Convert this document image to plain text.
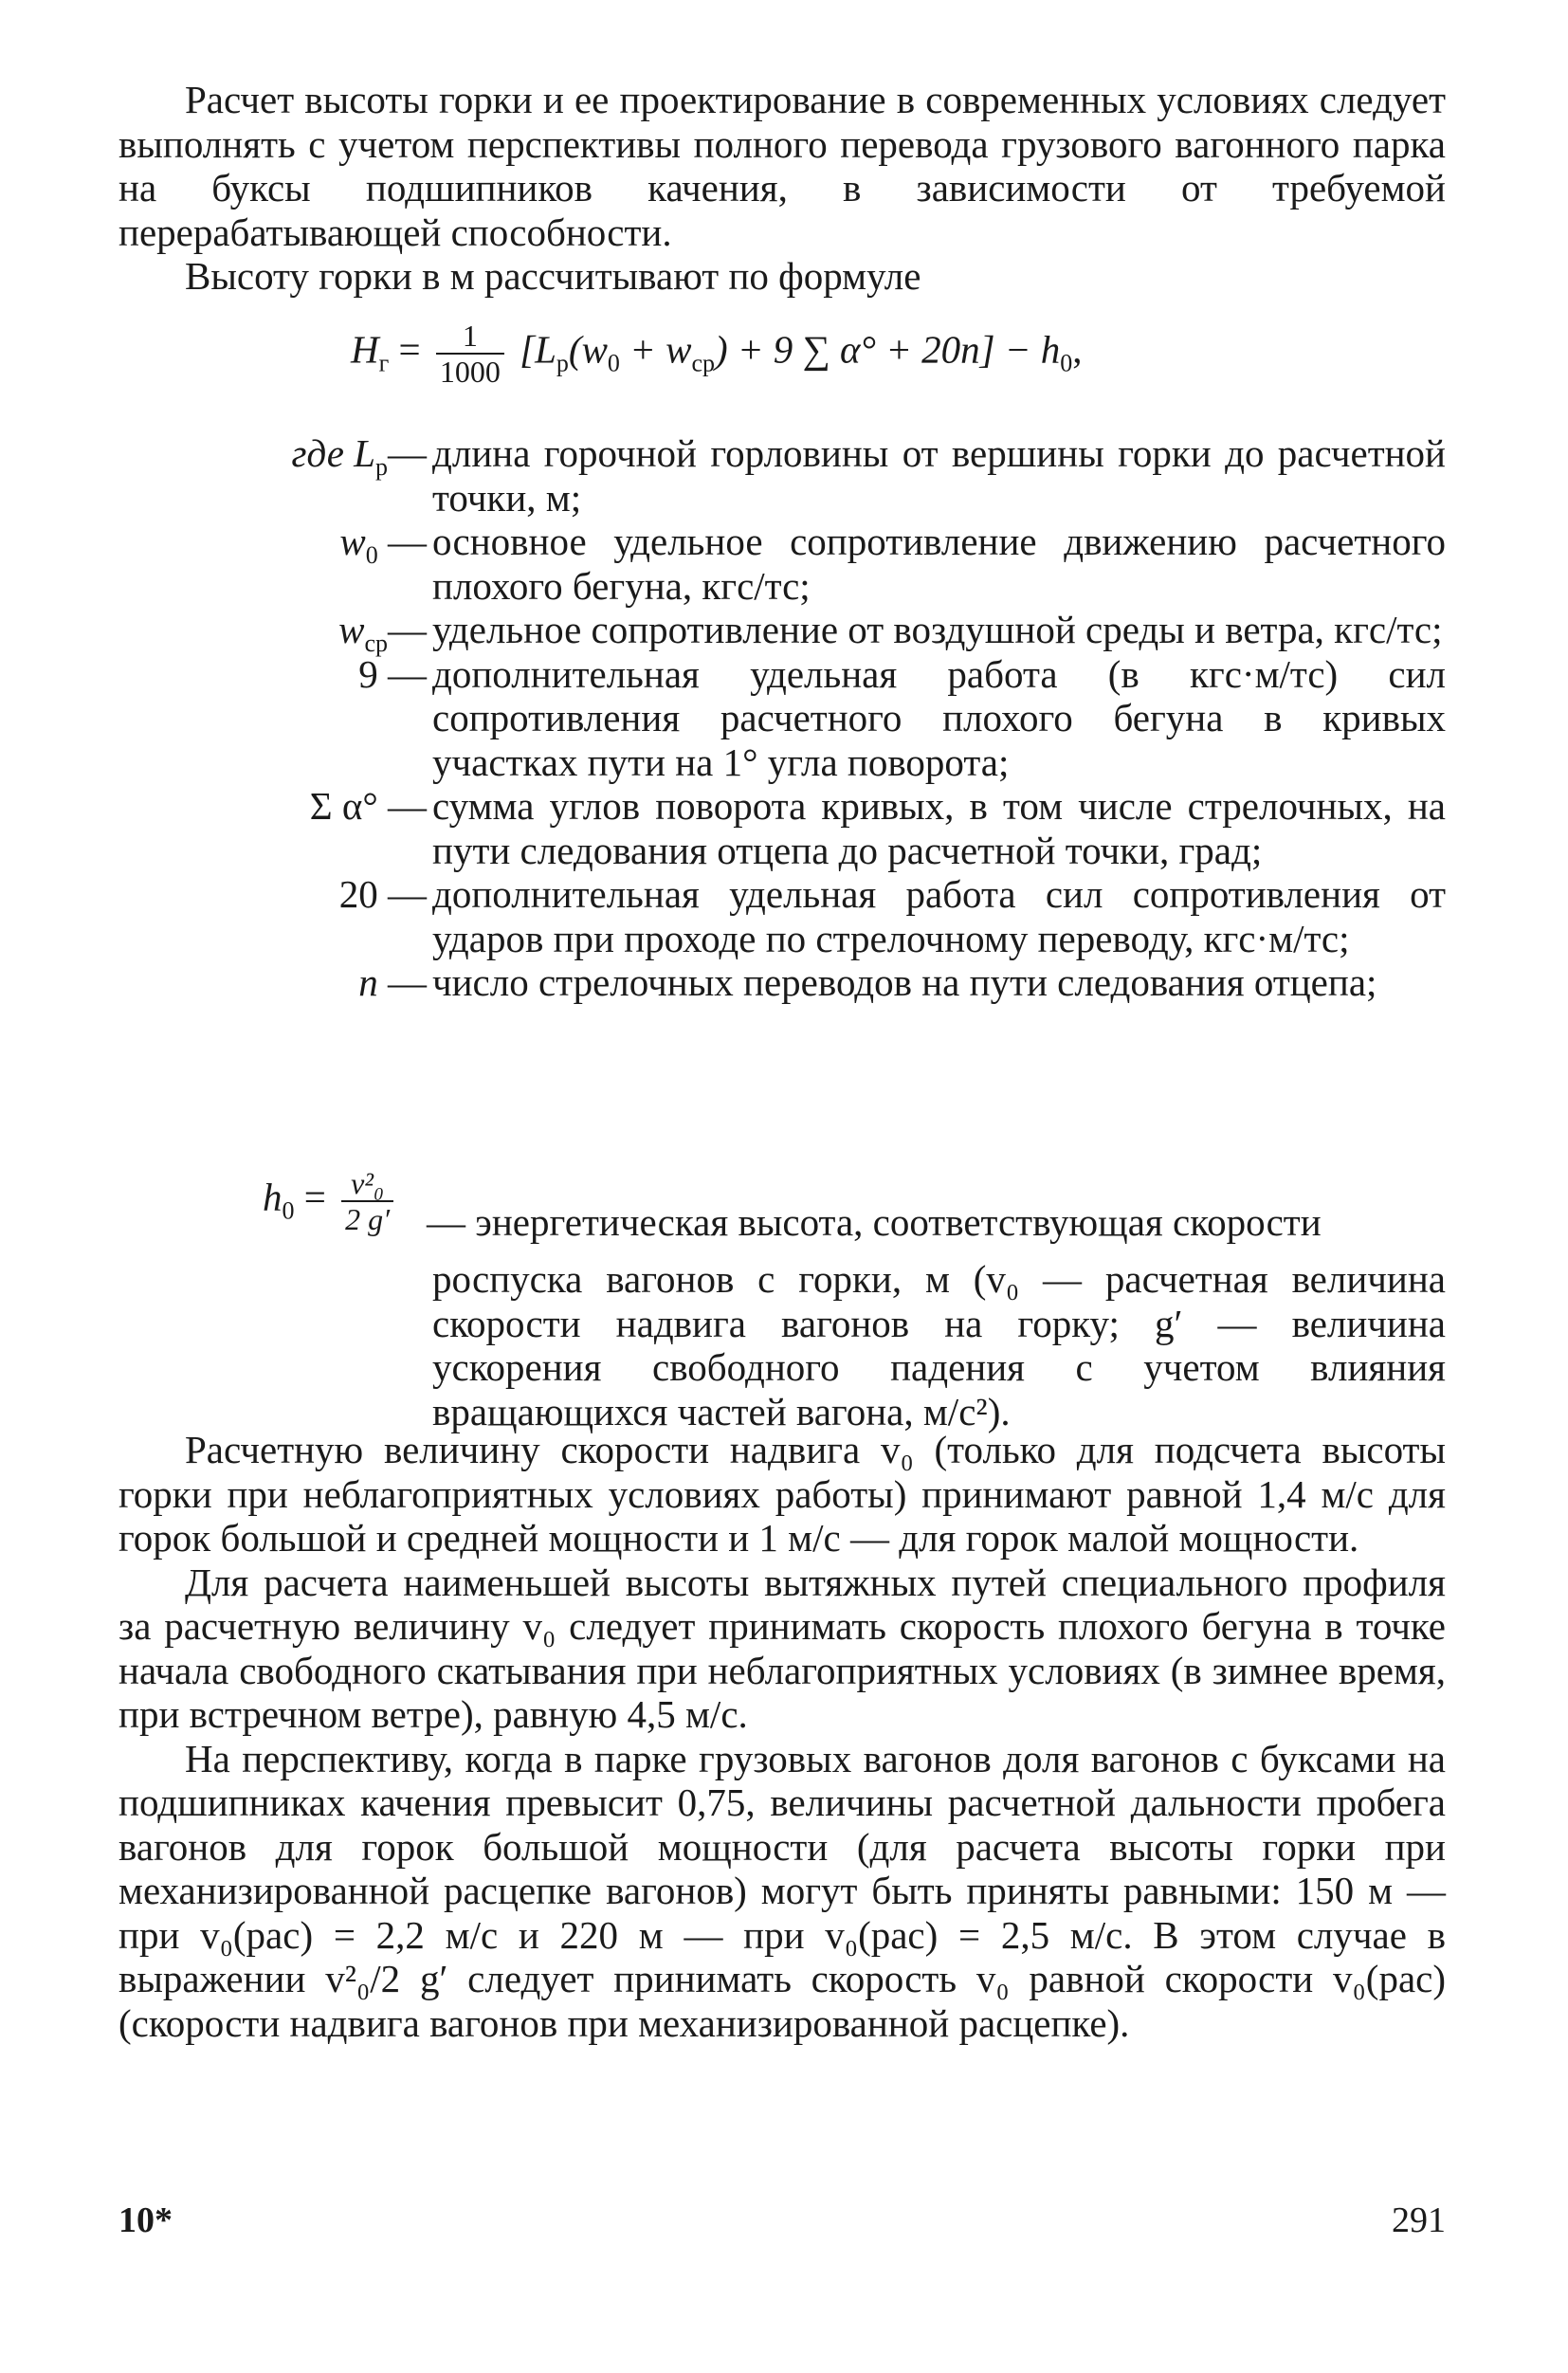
Расчет высоты горки и ее проектирование в современных условиях следует выполнять с учетом перспективы полного перевода грузового вагонного парка на буксы подшипников качения, в зависимости от требуемой перерабатывающей способности.

Высоту горки в м рассчитывают по формуле

$H_г = \frac{1}{1000} [L_р(w_0 + w_{ср}) + 9$ ∑ $\alpha^\circ + 20n] - h_0$,
где $L_р—$ длина горочной горловины от вершины горки до расчетной точки, м;
$w_0$ — основное удельное сопротивление движению расчетного плохого бегуна, кгс/тс;
$w_{ср}—$ удельное сопротивление от воздушной среды и ветра, кгс/тс;
9 — дополнительная удельная работа (в кгс·м/тс) сил сопротивления расчетного плохого бегуна в кривых участках пути на 1° угла поворота;
Σ α° — сумма углов поворота кривых, в том числе стрелочных, на пути следования отцепа до расчетной точки, град;
20 — дополнительная удельная работа сил сопротивления от ударов при проходе по стрелочному переводу, кгс·м/тс;
n — число стрелочных переводов на пути следования отцепа;
$h_0 = \frac{\text{v²₀}}{2 g'}$ — энергетическая высота, соответствующая скорости
роспуска вагонов с горки, м (v₀ — расчетная величина скорости надвига вагонов на горку; g′ — величина ускорения свободного падения с учетом влияния вращающихся частей вагона, м/с²).

Расчетную величину скорости надвига v₀ (только для подсчета высоты горки при неблагоприятных условиях работы) принимают равной 1,4 м/с для горок большой и средней мощности и 1 м/с — для горок малой мощности.

Для расчета наименьшей высоты вытяжных путей специального профиля за расчетную величину v₀ следует принимать скорость плохого бегуна в точке начала свободного скатывания при неблагоприятных условиях (в зимнее время, при встречном ветре), равную 4,5 м/с.

На перспективу, когда в парке грузовых вагонов доля вагонов с буксами на подшипниках качения превысит 0,75, величины расчетной дальности пробега вагонов для горок большой мощности (для расчета высоты горки при механизированной расцепке вагонов) могут быть приняты равными: 150 м — при v₀(рас) = 2,2 м/с и 220 м — при v₀(рас) = 2,5 м/с. В этом случае в выражении v²₀/2 g′ следует принимать скорость v₀ равной скорости v₀(рас) (скорости надвига вагонов при механизированной расцепке).

10*	291
